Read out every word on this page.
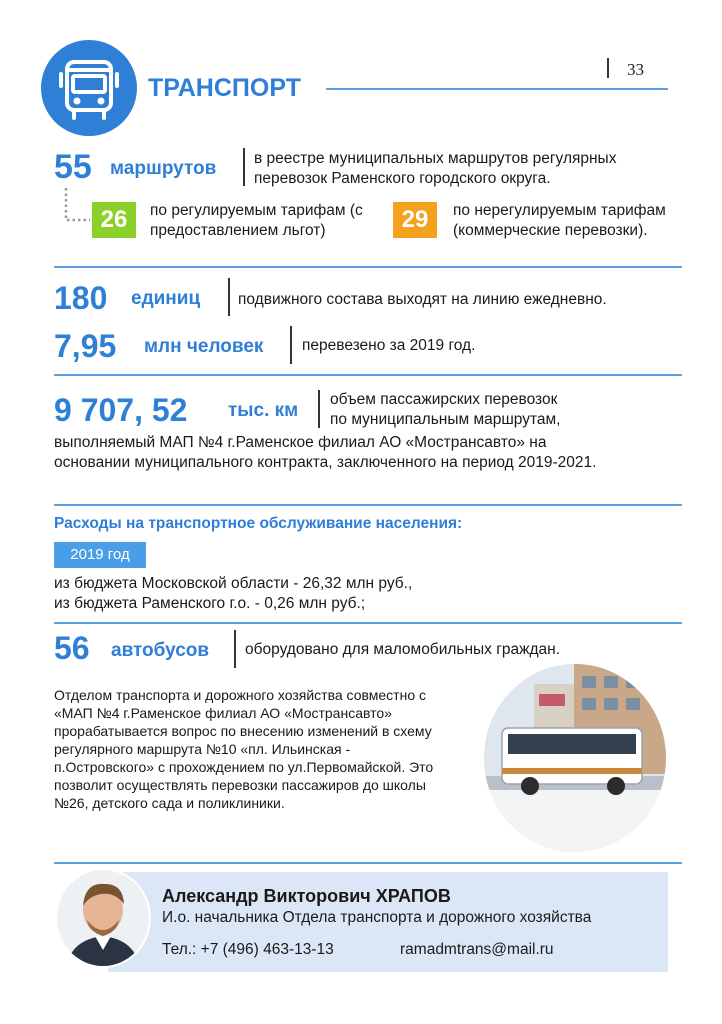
ТРАНСПОРТ
33
55 маршрутов в реестре муниципальных маршрутов регулярных перевозок Раменского городского округа.
26	по регулируемым тарифам (с предоставлением льгот)	29	по нерегулируемым тарифам (коммерческие перевозки).
180 единиц подвижного состава выходят на линию ежедневно.
7,95 млн человек перевезено за 2019 год.
9 707, 52 тыс. км
объем пассажирских перевозок
по муниципальным маршрутам,
выполняемый МАП №4 г.Раменское филиал АО «Мострансавто» на основании муниципального контракта, заключенного на период 2019-2021.
Расходы на транспортное обслуживание населения:
2019 год
из бюджета Московской области - 26,32 млн руб.,
из бюджета Раменского г.о. - 0,26 млн руб.;
56 автобусов оборудовано для маломобильных граждан.
Отделом транспорта и дорожного хозяйства совместно с «МАП №4 г.Раменское филиал АО «Мострансавто» прорабатывается вопрос по внесению изменений в схему регулярного маршрута №10 «пл. Ильинская - п.Островского» с прохождением по ул.Первомайской. Это позволит осуществлять перевозки пассажиров до школы №26, детского сада и поликлиники.
Александр Викторович ХРАПОВ
И.о. начальника Отдела транспорта и дорожного хозяйства
Тел.: +7 (496) 463-13-13	ramadmtrans@mail.ru
